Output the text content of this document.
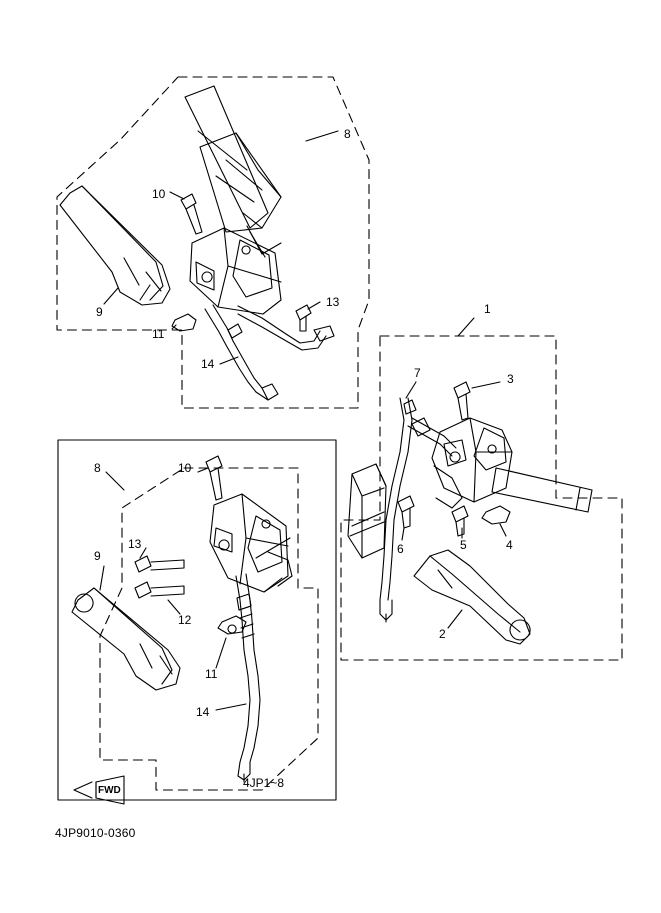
8
10
9
11
13
14
1
3
7
6	5	4
2
8	10
13
9
12
11
14
4JP1~8
FWD
4JP9010-0360
